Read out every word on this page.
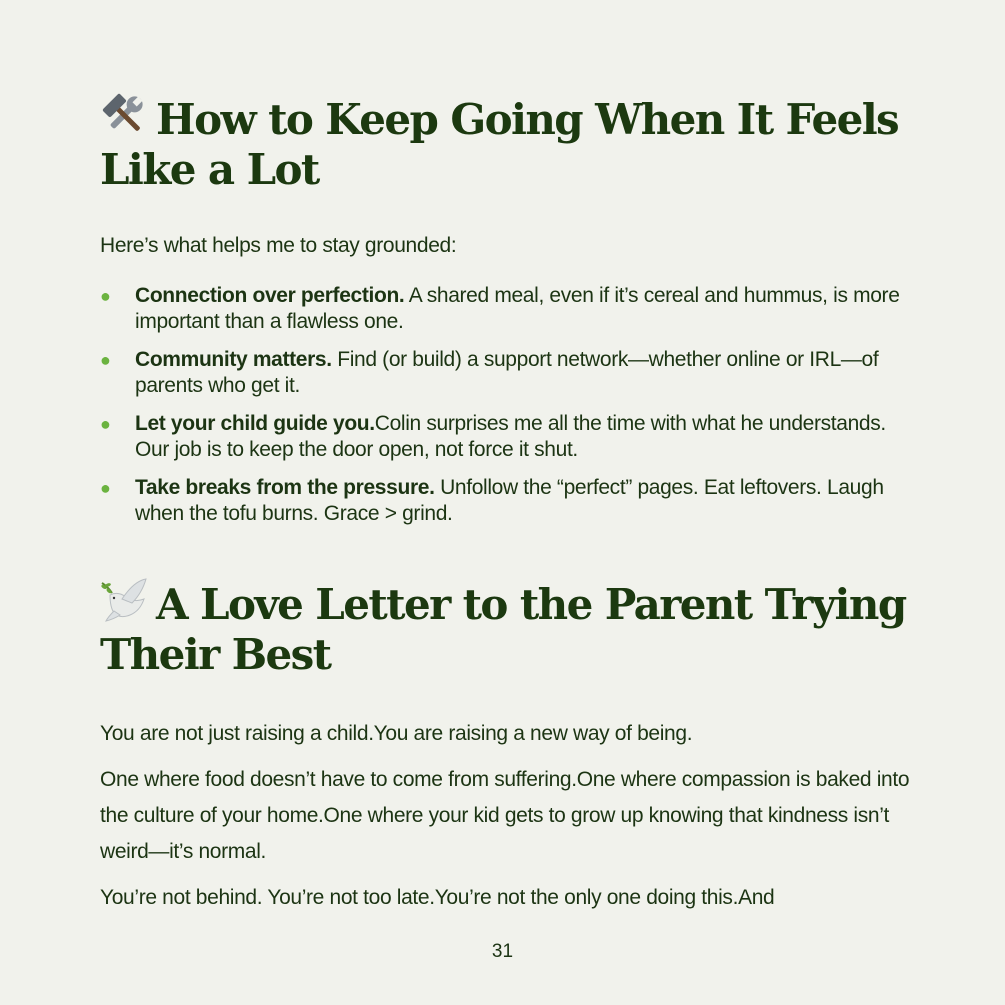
How to Keep Going When It Feels Like a Lot

Here’s what helps me to stay grounded:

● Connection over perfection. A shared meal, even if it’s cereal and hummus, is more important than a flawless one.
● Community matters. Find (or build) a support network—whether online or IRL—of parents who get it.
● Let your child guide you.Colin surprises me all the time with what he understands. Our job is to keep the door open, not force it shut.
● Take breaks from the pressure. Unfollow the “perfect” pages. Eat leftovers. Laugh when the tofu burns. Grace > grind.
A Love Letter to the Parent Trying Their Best

You are not just raising a child.You are raising a new way of being.

One where food doesn’t have to come from suffering.One where compassion is baked into the culture of your home.One where your kid gets to grow up knowing that kindness isn’t weird—it’s normal.

You’re not behind. You’re not too late.You’re not the only one doing this.And

31
